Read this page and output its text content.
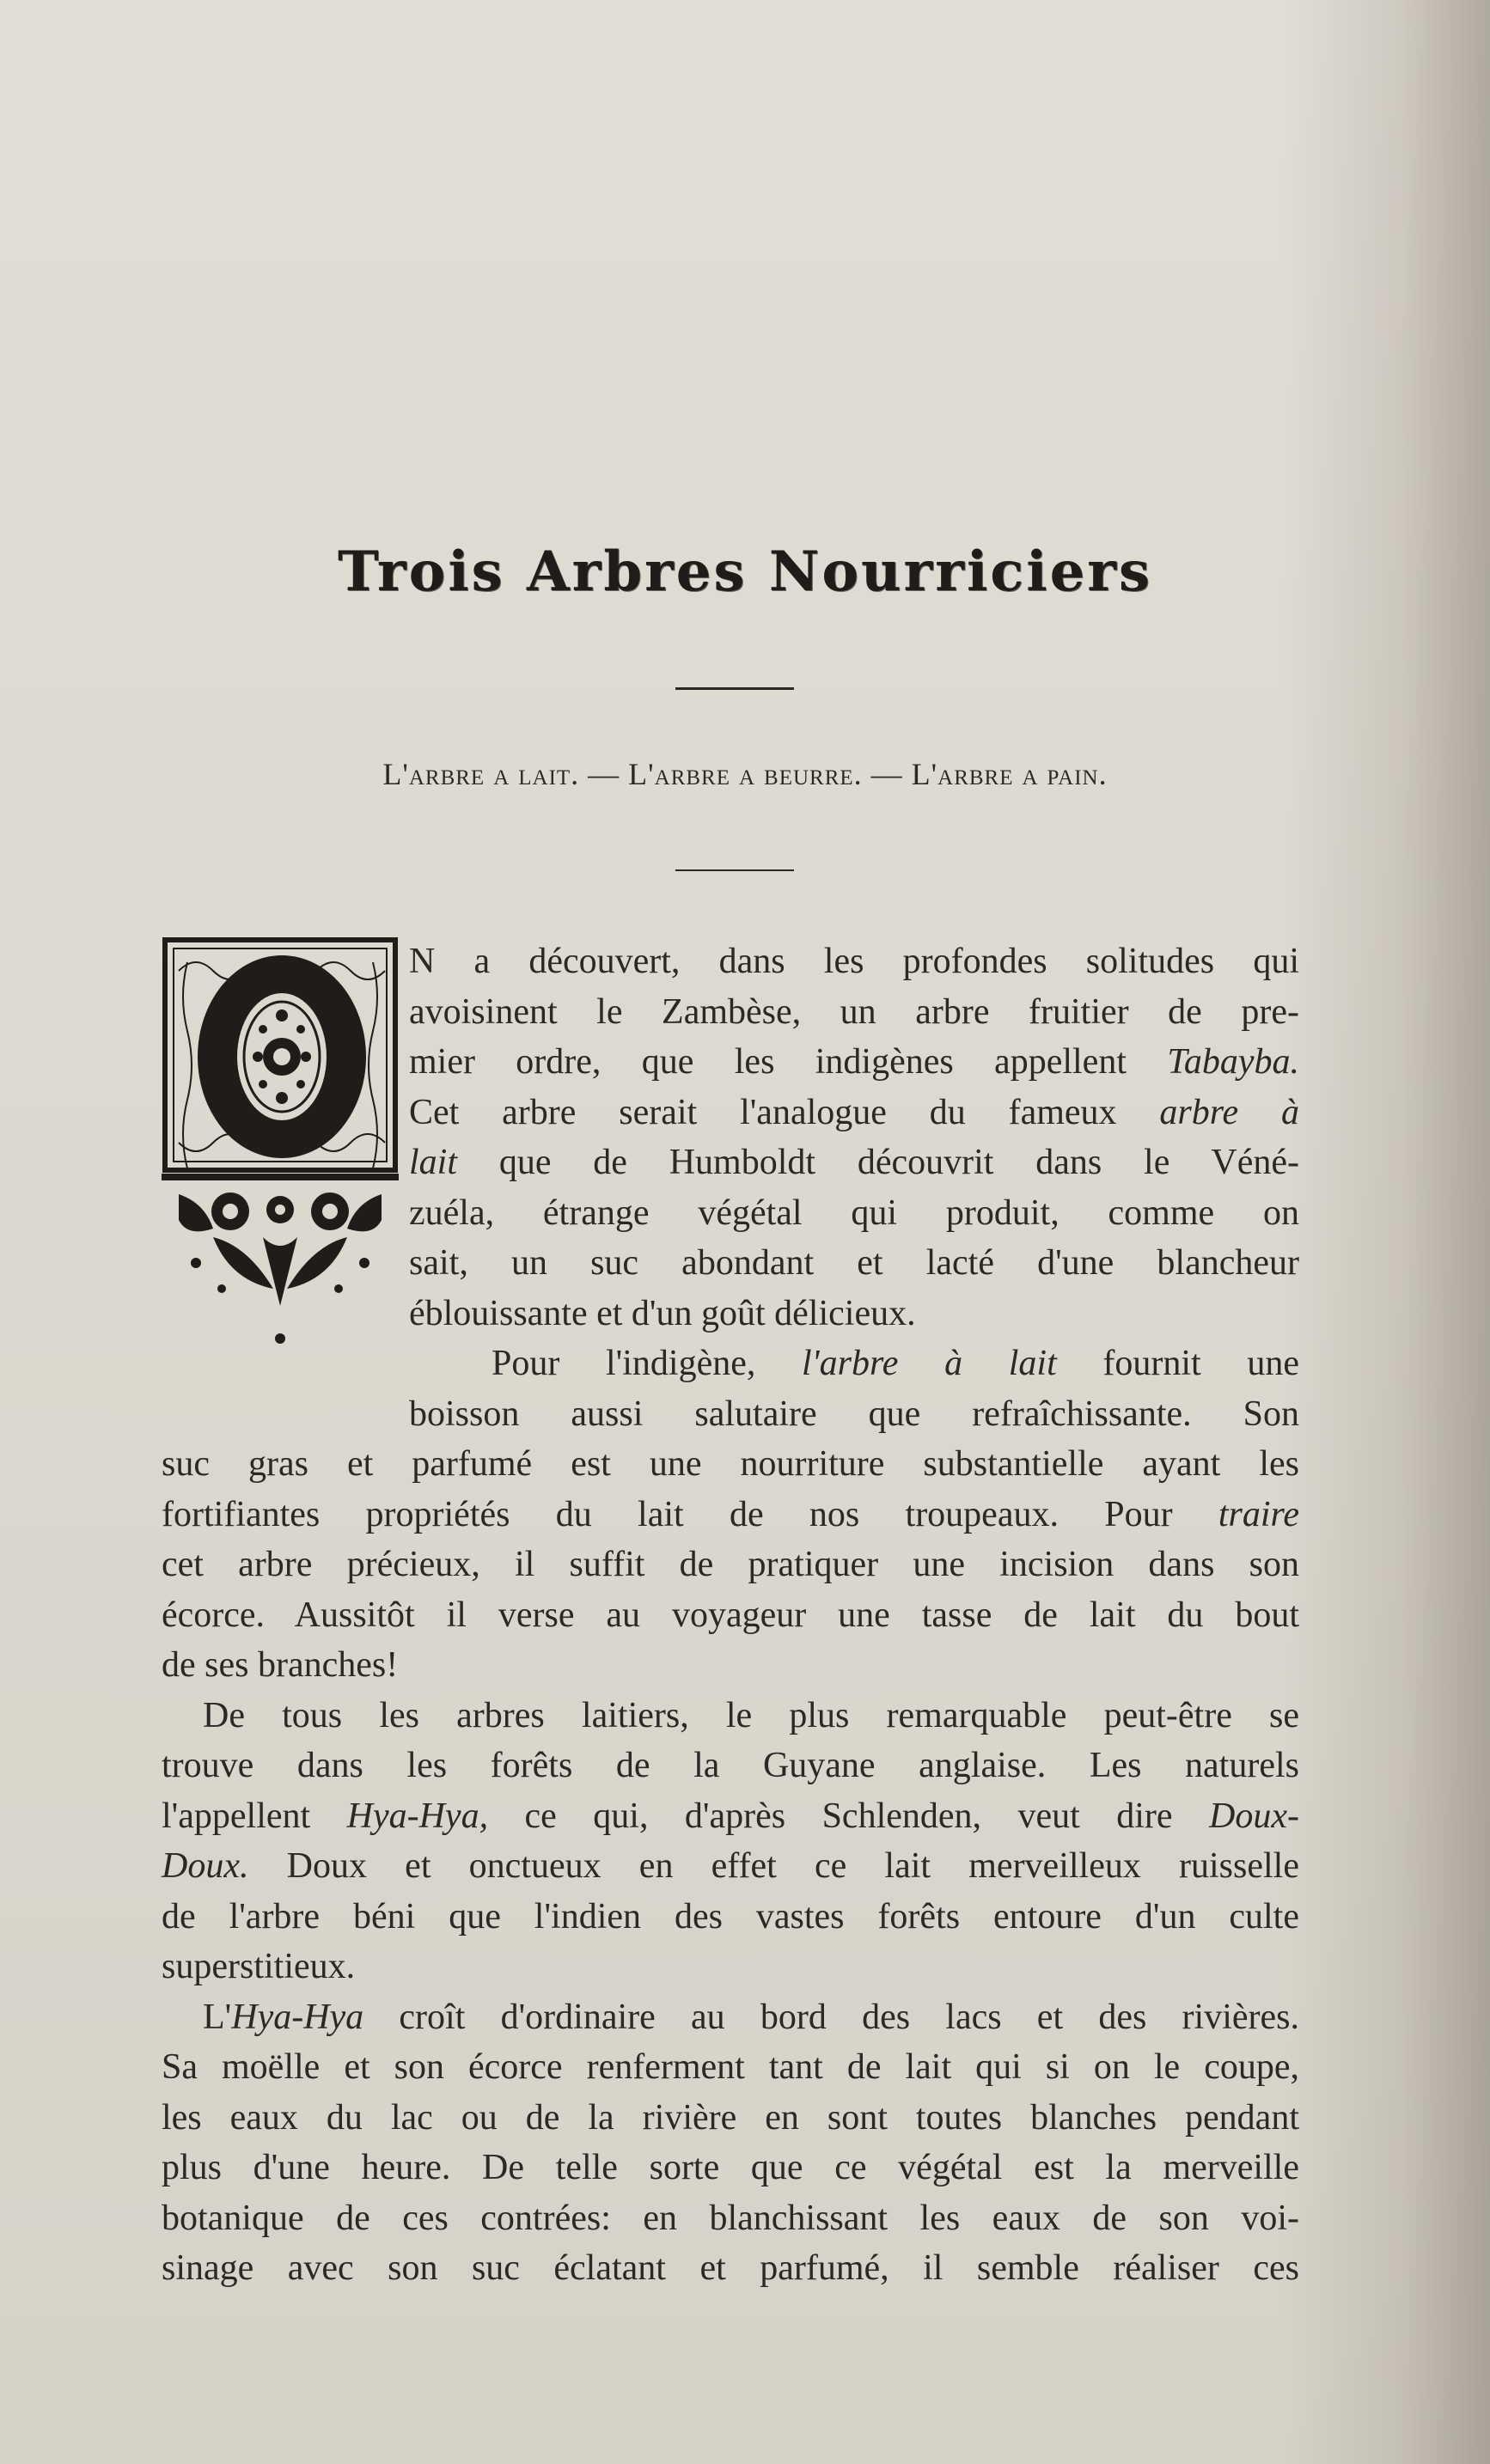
Trois Arbres Nourriciers
L'arbre a lait. — L'arbre a beurre. — L'arbre a pain.
N a découvert, dans les profondes solitudes qui
avoisinent le Zambèse, un arbre fruitier de pre-
mier ordre, que les indigènes appellent Tabayba.
Cet arbre serait l'analogue du fameux arbre à
lait que de Humboldt découvrit dans le Véné-
zuéla, étrange végétal qui produit, comme on
sait, un suc abondant et lacté d'une blancheur
éblouissante et d'un goût délicieux.
Pour l'indigène, l'arbre à lait fournit une
boisson aussi salutaire que refraîchissante. Son
suc gras et parfumé est une nourriture substantielle ayant les
fortifiantes propriétés du lait de nos troupeaux. Pour traire
cet arbre précieux, il suffit de pratiquer une incision dans son
écorce. Aussitôt il verse au voyageur une tasse de lait du bout
de ses branches!
De tous les arbres laitiers, le plus remarquable peut-être se
trouve dans les forêts de la Guyane anglaise. Les naturels
l'appellent Hya-Hya, ce qui, d'après Schlenden, veut dire Doux-
Doux. Doux et onctueux en effet ce lait merveilleux ruisselle
de l'arbre béni que l'indien des vastes forêts entoure d'un culte
superstitieux.
L'Hya-Hya croît d'ordinaire au bord des lacs et des rivières.
Sa moëlle et son écorce renferment tant de lait qui si on le coupe,
les eaux du lac ou de la rivière en sont toutes blanches pendant
plus d'une heure. De telle sorte que ce végétal est la merveille
botanique de ces contrées: en blanchissant les eaux de son voi-
sinage avec son suc éclatant et parfumé, il semble réaliser ces
